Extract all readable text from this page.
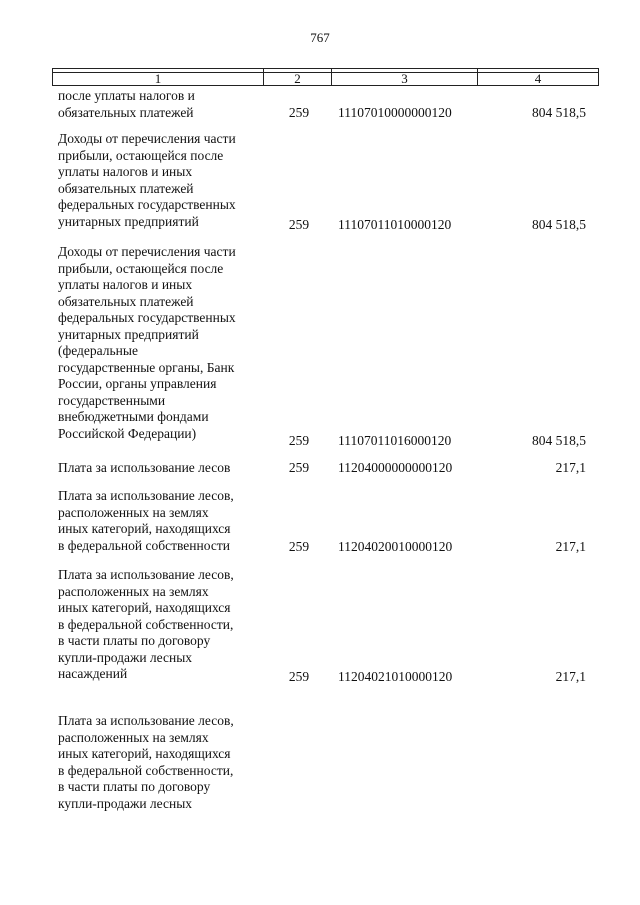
767
1	2	3	4

после уплаты налогов и

обязательных платежей	259	11107010000000120	804 518,5

Доходы от перечисления части

прибыли, остающейся после

уплаты налогов и иных

обязательных платежей

федеральных государственных

унитарных предприятий	259	11107011010000120	804 518,5

Доходы от перечисления части

прибыли, остающейся после

уплаты налогов и иных

обязательных платежей

федеральных государственных

унитарных предприятий

(федеральные

государственные органы, Банк

России, органы управления

государственными

внебюджетными фондами

Российской Федерации)	259	11107011016000120	804 518,5

Плата за использование лесов	259	11204000000000120	217,1

Плата за использование лесов,

расположенных на землях

иных категорий, находящихся

в федеральной собственности	259	11204020010000120	217,1

Плата за использование лесов,

расположенных на землях

иных категорий, находящихся

в федеральной собственности,

в части платы по договору

купли-продажи лесных

насаждений	259	11204021010000120	217,1

Плата за использование лесов,

расположенных на землях

иных категорий, находящихся

в федеральной собственности,

в части платы по договору

купли-продажи лесных
